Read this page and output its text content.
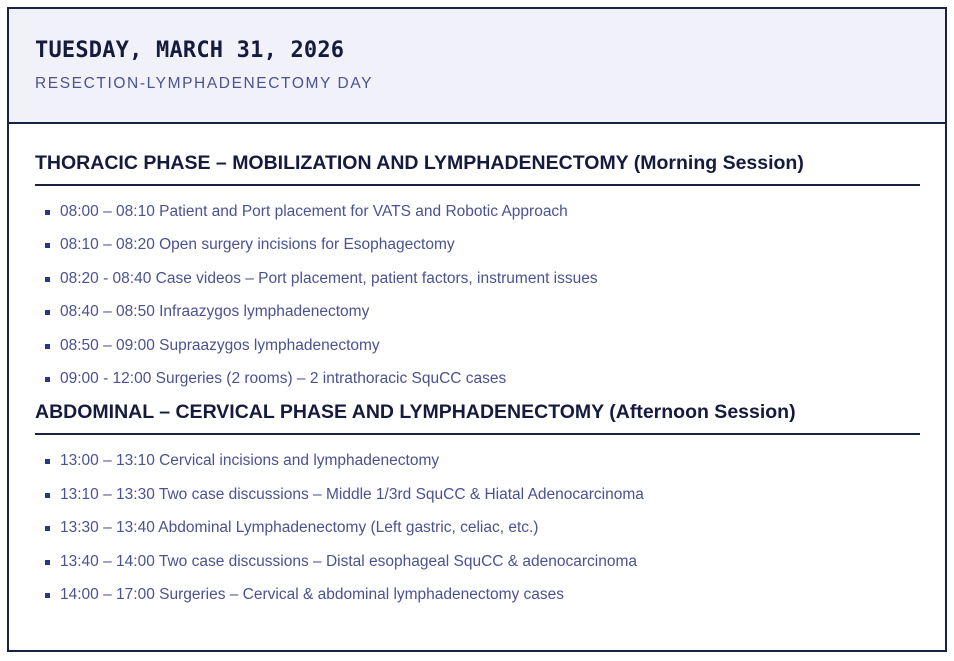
TUESDAY, MARCH 31, 2026

RESECTION-LYMPHADENECTOMY DAY

THORACIC PHASE – MOBILIZATION AND LYMPHADENECTOMY (Morning Session)
08:00 – 08:10 Patient and Port placement for VATS and Robotic Approach
08:10 – 08:20 Open surgery incisions for Esophagectomy
08:20 - 08:40 Case videos – Port placement, patient factors, instrument issues
08:40 – 08:50 Infraazygos lymphadenectomy
08:50 – 09:00 Supraazygos lymphadenectomy
09:00 - 12:00 Surgeries (2 rooms) – 2 intrathoracic SquCC cases
ABDOMINAL – CERVICAL PHASE AND LYMPHADENECTOMY (Afternoon Session)
13:00 – 13:10 Cervical incisions and lymphadenectomy
13:10 – 13:30 Two case discussions – Middle 1/3rd SquCC & Hiatal Adenocarcinoma
13:30 – 13:40 Abdominal Lymphadenectomy (Left gastric, celiac, etc.)
13:40 – 14:00 Two case discussions – Distal esophageal SquCC & adenocarcinoma
14:00 – 17:00 Surgeries – Cervical & abdominal lymphadenectomy cases
